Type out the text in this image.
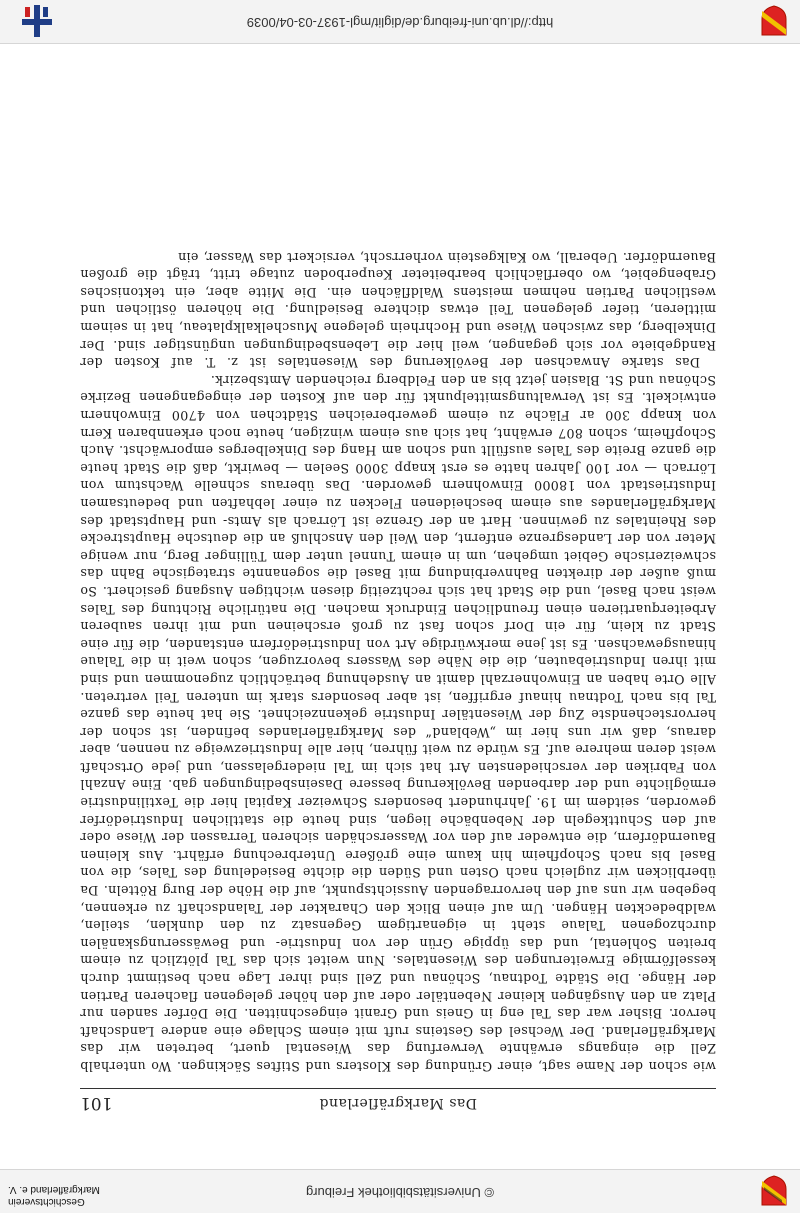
© Universitätsbibliothek Freiburg
Geschichtsverein
Markgräflerland e. V.
Das Markgräflerland
101

wie schon der Name sagt, einer Gründung des Klosters und Stiftes Säckingen. Wo unterhalb Zell die eingangs erwähnte Verwerfung das Wiesental quert, betreten wir das Markgräflerland. Der Wechsel des Gesteins ruft mit einem Schlage eine andere Landschaft hervor. Bisher war das Tal eng in Gneis und Granit eingeschnitten. Die Dörfer sanden nur Platz an den Ausgängen kleiner Nebentäler oder auf den höher gelegenen flacheren Partien der Hänge. Die Städte Todtnau, Schönau und Zell sind ihrer Lage nach bestimmt durch kesselförmige Erweiterungen des Wiesentales. Nun weitet sich das Tal plötzlich zu einem breiten Sohlental, und das üppige Grün der von Industrie- und Bewässerungskanälen durchzogenen Talaue steht in eigenartigem Gegensatz zu den dunklen, steilen, waldbedeckten Hängen. Um auf einen Blick den Charakter der Talandschaft zu erkennen, begeben wir uns auf den hervorragenden Aussichtspunkt, auf die Höhe der Burg Rötteln. Da überblicken wir zugleich nach Osten und Süden die dichte Besiedelung des Tales, die von Basel bis nach Schopfheim hin kaum eine größere Unterbrechung erfährt. Aus kleinen Bauerndörfern, die entweder auf den vor Wasserschäden sicheren Terrassen der Wiese oder auf den Schuttkegeln der Nebenbäche liegen, sind heute die stattlichen Industriedörfer geworden, seitdem im 19. Jahrhundert besonders Schweizer Kapital hier die Textilindustrie ermöglichte und der darbenden Bevölkerung bessere Daseinsbedingungen gab. Eine Anzahl von Fabriken der verschiedensten Art hat sich im Tal niedergelassen, und jede Ortschaft weist deren mehrere auf. Es würde zu weit führen, hier alle Industriezweige zu nennen, aber daraus, daß wir uns hier im „Webland“ des Markgräflerlandes befinden, ist schon der hervorstechendste Zug der Wiesentäler Industrie gekennzeichnet. Sie hat heute das ganze Tal bis nach Todtnau hinauf ergriffen, ist aber besonders stark im unteren Teil vertreten. Alle Orte haben an Einwohnerzahl damit an Ausdehnung beträchtlich zugenommen und sind mit ihren Industriebauten, die die Nähe des Wassers bevorzugen, schon weit in die Talaue hinausgewachsen. Es ist jene merkwürdige Art von Industriedörfern entstanden, die für eine Stadt zu klein, für ein Dorf schon fast zu groß erscheinen und mit ihren sauberen Arbeiterquartieren einen freundlichen Eindruck machen. Die natürliche Richtung des Tales weist nach Basel, und die Stadt hat sich rechtzeitig diesen wichtigen Ausgang gesichert. So muß außer der direkten Bahnverbindung mit Basel die sogenannte strategische Bahn das schweizerische Gebiet umgehen, um in einem Tunnel unter dem Tüllinger Berg, nur wenige Meter von der Landesgrenze entfernt, den Weil den Anschluß an die deutsche Hauptstrecke des Rheintales zu gewinnen. Hart an der Grenze ist Lörrach als Amts- und Hauptstadt des Markgräflerlandes aus einem bescheidenen Flecken zu einer lebhaften und bedeutsamen Industriestadt von 18000 Einwohnern geworden. Das überaus schnelle Wachstum von Lörrach — vor 100 Jahren hatte es erst knapp 3000 Seelen — bewirkt, daß die Stadt heute die ganze Breite des Tales ausfüllt und schon am Hang des Dinkelberges emporwächst. Auch Schopfheim, schon 807 erwähnt, hat sich aus einem winzigen, heute noch erkennbaren Kern von knapp 300 ar Fläche zu einem gewerbereichen Städtchen von 4700 Einwohnern entwickelt. Es ist Verwaltungsmittelpunkt für den auf Kosten der eingegangenen Bezirke Schönau und St. Blasien jetzt bis an den Feldberg reichenden Amtsbezirk.

Das starke Anwachsen der Bevölkerung des Wiesentales ist z. T. auf Kosten der Randgebiete vor sich gegangen, weil hier die Lebensbedingungen ungünstiger sind. Der Dinkelberg, das zwischen Wiese und Hochrhein gelegene Muschelkalkplateau, hat in seinem mittleren, tiefer gelegenen Teil etwas dichtere Besiedlung. Die höheren östlichen und westlichen Partien nehmen meistens Waldflächen ein. Die Mitte aber, ein tektonisches Grabengebiet, wo oberflächlich bearbeiteter Keuperboden zutage tritt, trägt die großen Bauerndörfer. Ueberall, wo Kalkgestein vorherrscht, versickert das Wasser, ein

http://dl.ub.uni-freiburg.de/diglit/mgl-1937-03-04/0039
